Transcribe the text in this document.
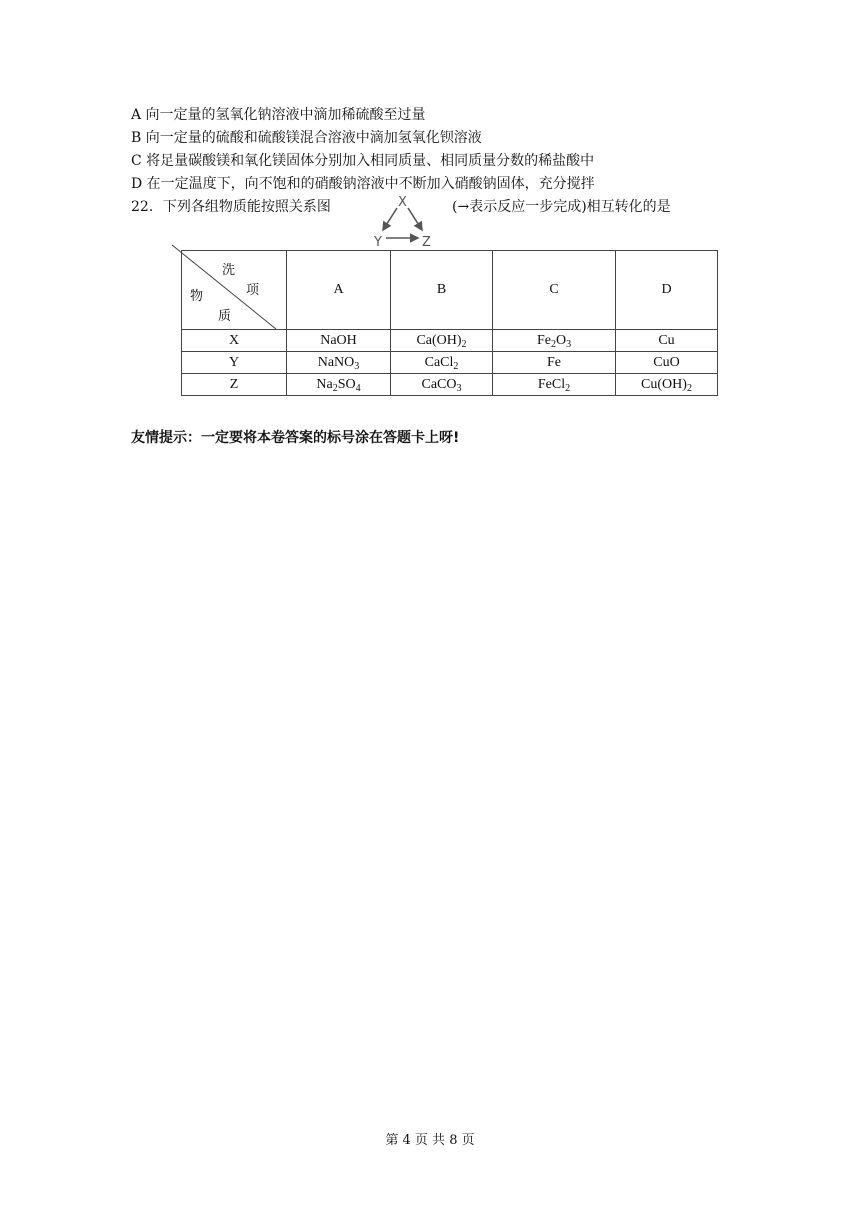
A 向一定量的氢氧化钠溶液中滴加稀硫酸至过量
B 向一定量的硫酸和硫酸镁混合溶液中滴加氢氧化钡溶液
C 将足量碳酸镁和氧化镁固体分别加入相同质量、相同质量分数的稀盐酸中
D 在一定温度下，向不饱和的硝酸钠溶液中不断加入硝酸钠固体，充分搅拌
22．下列各组物质能按照关系图	(→表示反应一步完成)相互转化的是
X
Y	Z
洗
项
物
质	A	B	C	D
X	NaOH	$Ca(OH)_2$	$Fe_2O_3$	Cu
Y	NaNO$_3$	CaCl$_2$	Fe	CuO
Z	$Na_2SO_4$	CaCO$_3$	FeCl$_2$	$Cu(OH)_2$
友情提示：一定要将本卷答案的标号涂在答题卡上呀!
第 4 页 共 8 页
